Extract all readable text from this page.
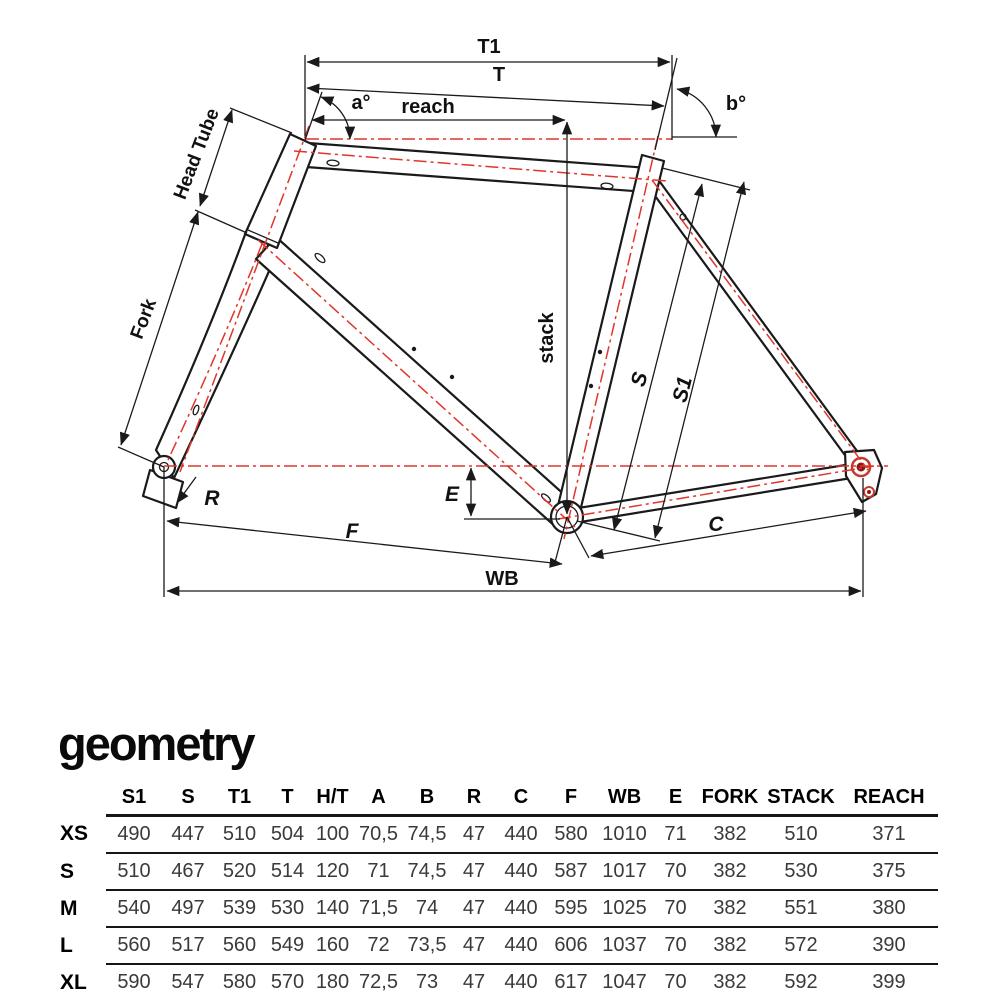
T1
T
reach
a°	b°
stack
Head Tube
Fork
S S1
R	E
F
WB
C
geometry
	S1	S	T1	T	H/T	A	B	R	C	F	WB	E	FORK	STACK	REACH
XS	490	447	510	504	100	70,5	74,5	47	440	580	1010	71	382	510	371
S	510	467	520	514	120	71	74,5	47	440	587	1017	70	382	530	375
M	540	497	539	530	140	71,5	74	47	440	595	1025	70	382	551	380
L	560	517	560	549	160	72	73,5	47	440	606	1037	70	382	572	390
XL	590	547	580	570	180	72,5	73	47	440	617	1047	70	382	592	399
